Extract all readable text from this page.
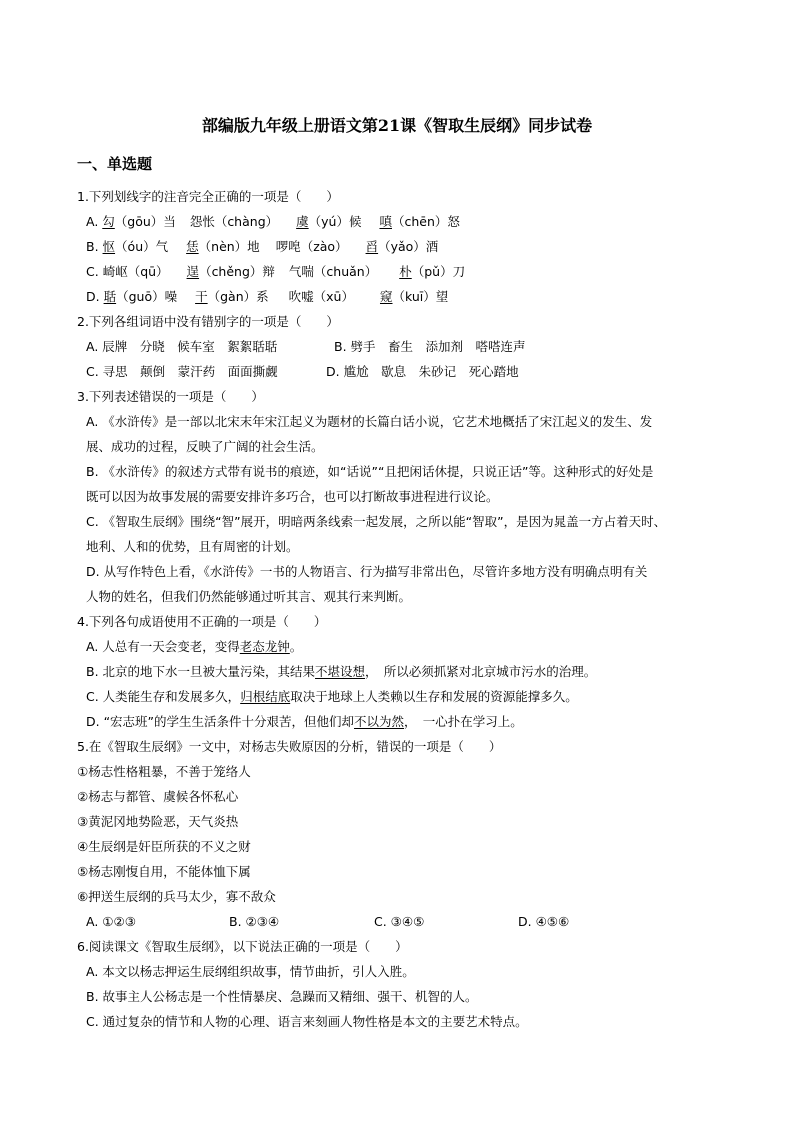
部编版九年级上册语文第21课《智取生辰纲》同步试卷
一、单选题
1.下列划线字的注音完全正确的一项是（　　）
A. 勾（gōu）当 怨怅（chàng） 虞（yú）候 嗔（chēn）怒
B. 怄（óu）气 恁（nèn）地 啰唣（zào） 舀（yǎo）酒
C. 崎岖（qū） 逞（chěng）辩 气喘（chuǎn） 朴（pǔ）刀
D. 聒（guō）噪 干（gàn）系 吹嘘（xū） 窥（kuī）望
2.下列各组词语中没有错别字的一项是（　　）
A. 辰牌　分晓　候车室　絮絮聒聒	B. 劈手　畜生　添加剂　嗒嗒连声
C. 寻思　颠倒　蒙汗药　面面撕觑	D. 尴尬　歇息　朱砂记　死心踏地
3.下列表述错误的一项是（　　）
A. 《水浒传》是一部以北宋末年宋江起义为题材的长篇白话小说，它艺术地概括了宋江起义的发生、发
展、成功的过程，反映了广阔的社会生活。
B. 《水浒传》的叙述方式带有说书的痕迹，如“话说”“且把闲话休提，只说正话”等。这种形式的好处是
既可以因为故事发展的需要安排许多巧合，也可以打断故事进程进行议论。
C. 《智取生辰纲》围绕“智”展开，明暗两条线索一起发展，之所以能“智取”，是因为晁盖一方占着天时、
地利、人和的优势，且有周密的计划。
D. 从写作特色上看，《水浒传》一书的人物语言、行为描写非常出色，尽管许多地方没有明确点明有关
人物的姓名，但我们仍然能够通过听其言、观其行来判断。
4.下列各句成语使用不正确的一项是（　　）
A. 人总有一天会变老，变得老态龙钟。
B. 北京的地下水一旦被大量污染，其结果不堪设想，　所以必须抓紧对北京城市污水的治理。
C. 人类能生存和发展多久，归根结底取决于地球上人类赖以生存和发展的资源能撑多久。
D. “宏志班”的学生生活条件十分艰苦，但他们却不以为然，　一心扑在学习上。
5.在《智取生辰纲》一文中，对杨志失败原因的分析，错误的一项是（　　）
①杨志性格粗暴，不善于笼络人
②杨志与都管、虞候各怀私心
③黄泥冈地势险恶，天气炎热
④生辰纲是奸臣所获的不义之财
⑤杨志刚愎自用，不能体恤下属
⑥押送生辰纲的兵马太少，寡不敌众
A. ①②③	B. ②③④	C. ③④⑤	D. ④⑤⑥
6.阅读课文《智取生辰纲》，以下说法正确的一项是（　　）
A. 本文以杨志押运生辰纲组织故事，情节曲折，引人入胜。
B. 故事主人公杨志是一个性情暴戾、急躁而又精细、强干、机智的人。
C. 通过复杂的情节和人物的心理、语言来刻画人物性格是本文的主要艺术特点。
